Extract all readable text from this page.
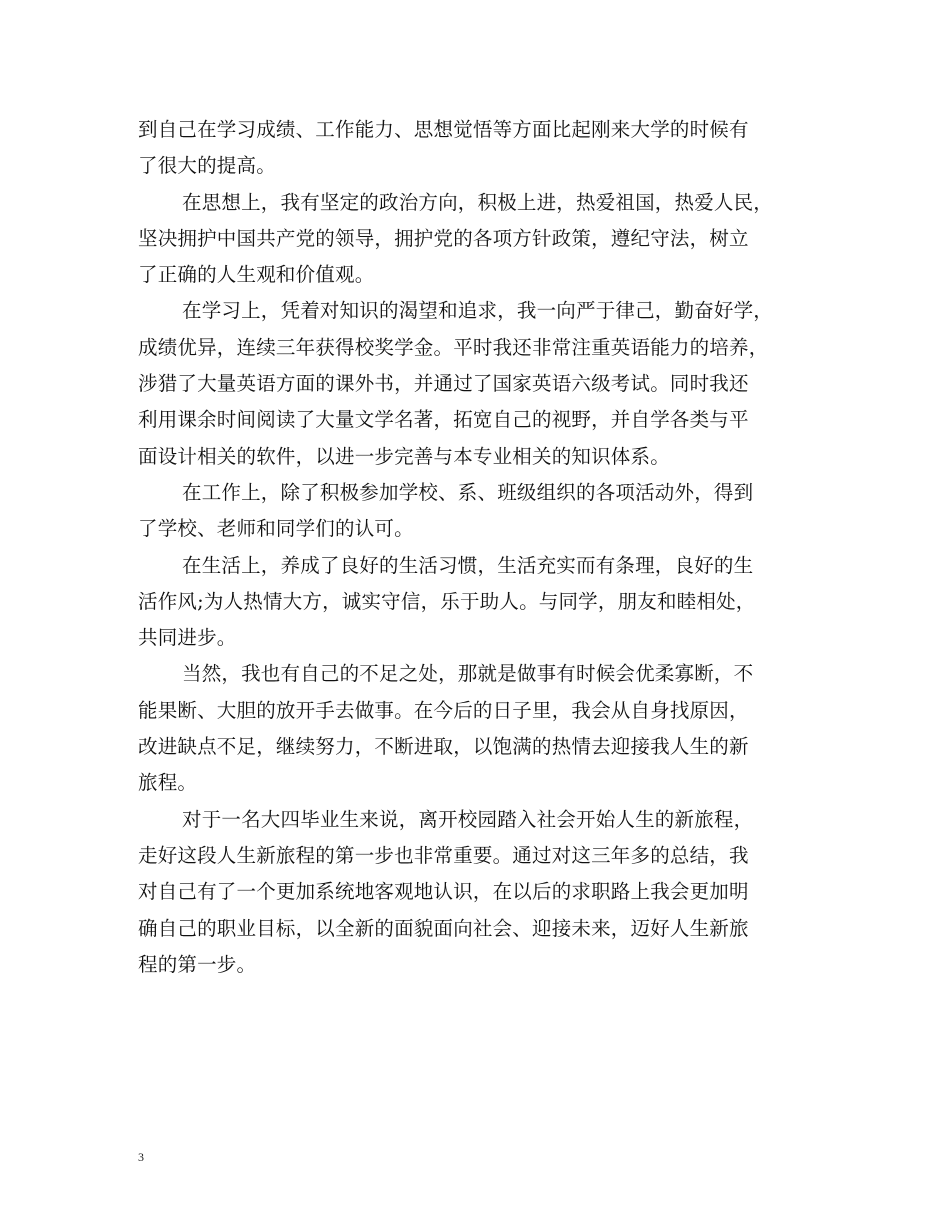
到自己在学习成绩、工作能力、思想觉悟等方面比起刚来大学的时候有
了很大的提高。
在思想上，我有坚定的政治方向，积极上进，热爱祖国，热爱人民，
坚决拥护中国共产党的领导，拥护党的各项方针政策，遵纪守法，树立
了正确的人生观和价值观。
在学习上，凭着对知识的渴望和追求，我一向严于律己，勤奋好学，
成绩优异，连续三年获得校奖学金。平时我还非常注重英语能力的培养，
涉猎了大量英语方面的课外书，并通过了国家英语六级考试。同时我还
利用课余时间阅读了大量文学名著，拓宽自己的视野，并自学各类与平
面设计相关的软件，以进一步完善与本专业相关的知识体系。
在工作上，除了积极参加学校、系、班级组织的各项活动外，得到
了学校、老师和同学们的认可。
在生活上，养成了良好的生活习惯，生活充实而有条理，良好的生
活作风;为人热情大方，诚实守信，乐于助人。与同学，朋友和睦相处，
共同进步。
当然，我也有自己的不足之处，那就是做事有时候会优柔寡断，不
能果断、大胆的放开手去做事。在今后的日子里，我会从自身找原因，
改进缺点不足，继续努力，不断进取，以饱满的热情去迎接我人生的新
旅程。
对于一名大四毕业生来说，离开校园踏入社会开始人生的新旅程，
走好这段人生新旅程的第一步也非常重要。通过对这三年多的总结，我
对自己有了一个更加系统地客观地认识，在以后的求职路上我会更加明
确自己的职业目标，以全新的面貌面向社会、迎接未来，迈好人生新旅
程的第一步。
3
